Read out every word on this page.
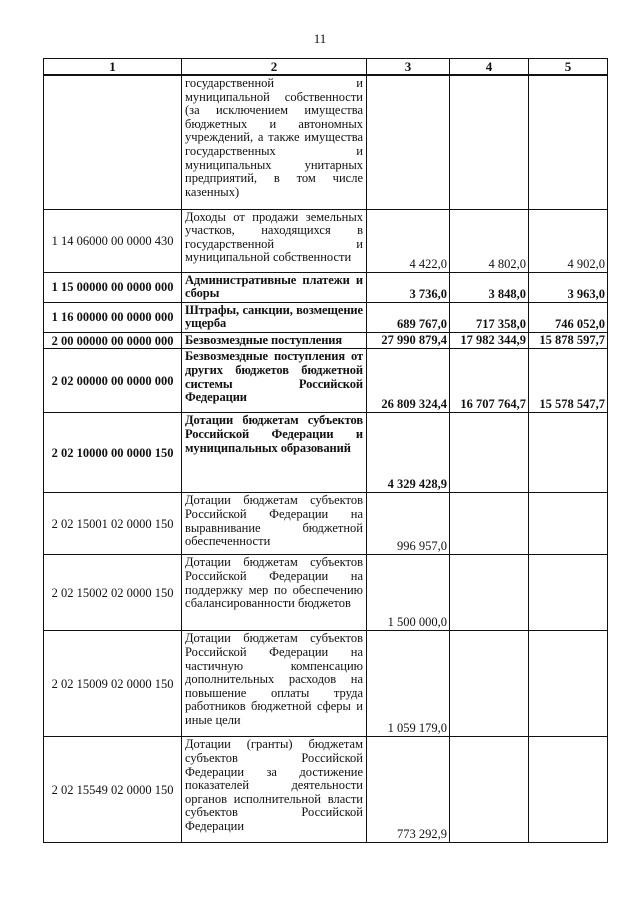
11
1	2	3	4	5
	государственной и муниципальной собственности (за исключением имущества бюджетных и автономных учреждений, а также имущества государственных и муниципальных унитарных предприятий, в том числе казенных)			
1 14 06000 00 0000 430	Доходы от продажи земельных участков, находящихся в государственной и муниципальной собственности	4 422,0	4 802,0	4 902,0
1 15 00000 00 0000 000	Административные платежи и сборы	3 736,0	3 848,0	3 963,0
1 16 00000 00 0000 000	Штрафы, санкции, возмещение ущерба	689 767,0	717 358,0	746 052,0
2 00 00000 00 0000 000	Безвозмездные поступления	27 990 879,4	17 982 344,9	15 878 597,7
2 02 00000 00 0000 000	Безвозмездные поступления от других бюджетов бюджетной системы Российской Федерации	26 809 324,4	16 707 764,7	15 578 547,7
2 02 10000 00 0000 150	Дотации бюджетам субъектов Российской Федерации и муниципальных образований	4 329 428,9		
2 02 15001 02 0000 150	Дотации бюджетам субъектов Российской Федерации на выравнивание бюджетной обеспеченности	996 957,0		
2 02 15002 02 0000 150	Дотации бюджетам субъектов Российской Федерации на поддержку мер по обеспечению сбалансированности бюджетов	1 500 000,0		
2 02 15009 02 0000 150	Дотации бюджетам субъектов Российской Федерации на частичную компенсацию дополнительных расходов на повышение оплаты труда работников бюджетной сферы и иные цели	1 059 179,0		
2 02 15549 02 0000 150	Дотации (гранты) бюджетам субъектов Российской Федерации за достижение показателей деятельности органов исполнительной власти субъектов Российской Федерации	773 292,9		
